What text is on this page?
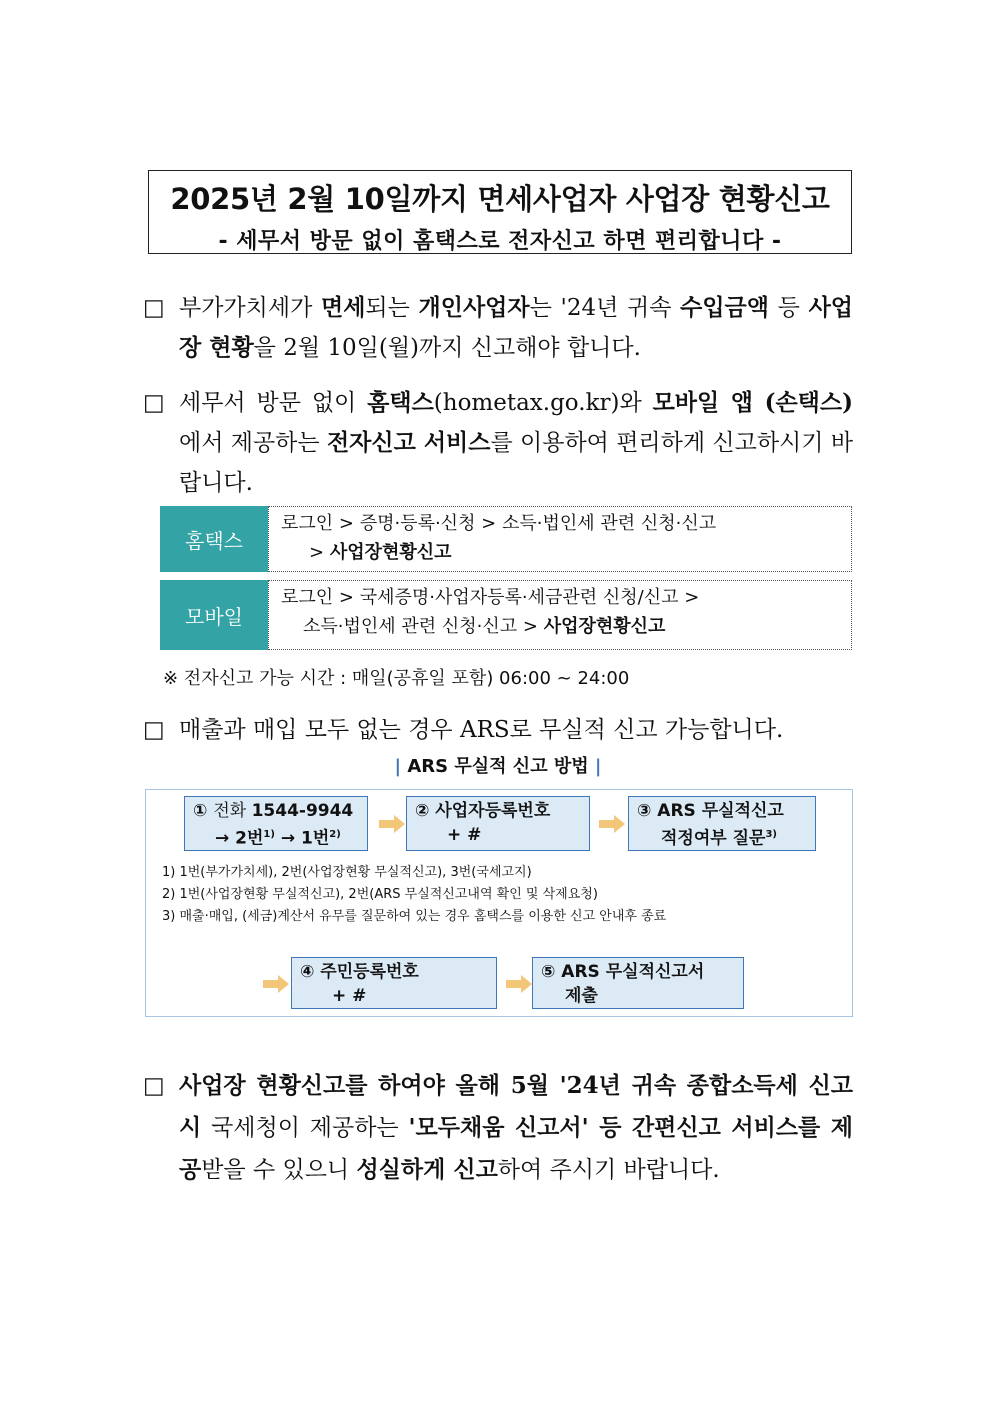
2025년 2월 10일까지 면세사업자 사업장 현황신고
- 세무서 방문 없이 홈택스로 전자신고 하면 편리합니다 -
□ 부가가치세가 면세되는 개인사업자는 '24년 귀속 수입금액 등 사업장 현황을 2월 10일(월)까지 신고해야 합니다.
□ 세무서 방문 없이 홈택스(hometax.go.kr)와 모바일 앱 (손택스)에서 제공하는 전자신고 서비스를 이용하여 편리하게 신고하시기 바랍니다.
홈택스
로그인 > 증명·등록·신청 > 소득·법인세 관련 신청·신고
> 사업장현황신고
모바일
로그인 > 국세증명·사업자등록·세금관련 신청/신고 >
소득·법인세 관련 신청·신고 > 사업장현황신고
※ 전자신고 가능 시간 : 매일(공휴일 포함) 06:00 ~ 24:00
□ 매출과 매입 모두 없는 경우 ARS로 무실적 신고 가능합니다.
| ARS 무실적 신고 방법 |
① 전화 1544-9944
→ 2번$^{1)}$ → 1번$^{2)}$
② 사업자등록번호
+ #
③ ARS 무실적신고
적정여부 질문$^{3)}$
1) 1번(부가가치세), 2번(사업장현황 무실적신고), 3번(국세고지)
2) 1번(사업장현황 무실적신고), 2번(ARS 무실적신고내역 확인 및 삭제요청)
3) 매출·매입, (세금)계산서 유무를 질문하여 있는 경우 홈택스를 이용한 신고 안내후 종료
④ 주민등록번호
+ #
⑤ ARS 무실적신고서
제출
□ 사업장 현황신고를 하여야 올해 5월 '24년 귀속 종합소득세 신고 시 국세청이 제공하는 '모두채움 신고서' 등 간편신고 서비스를 제공받을 수 있으니 성실하게 신고하여 주시기 바랍니다.
